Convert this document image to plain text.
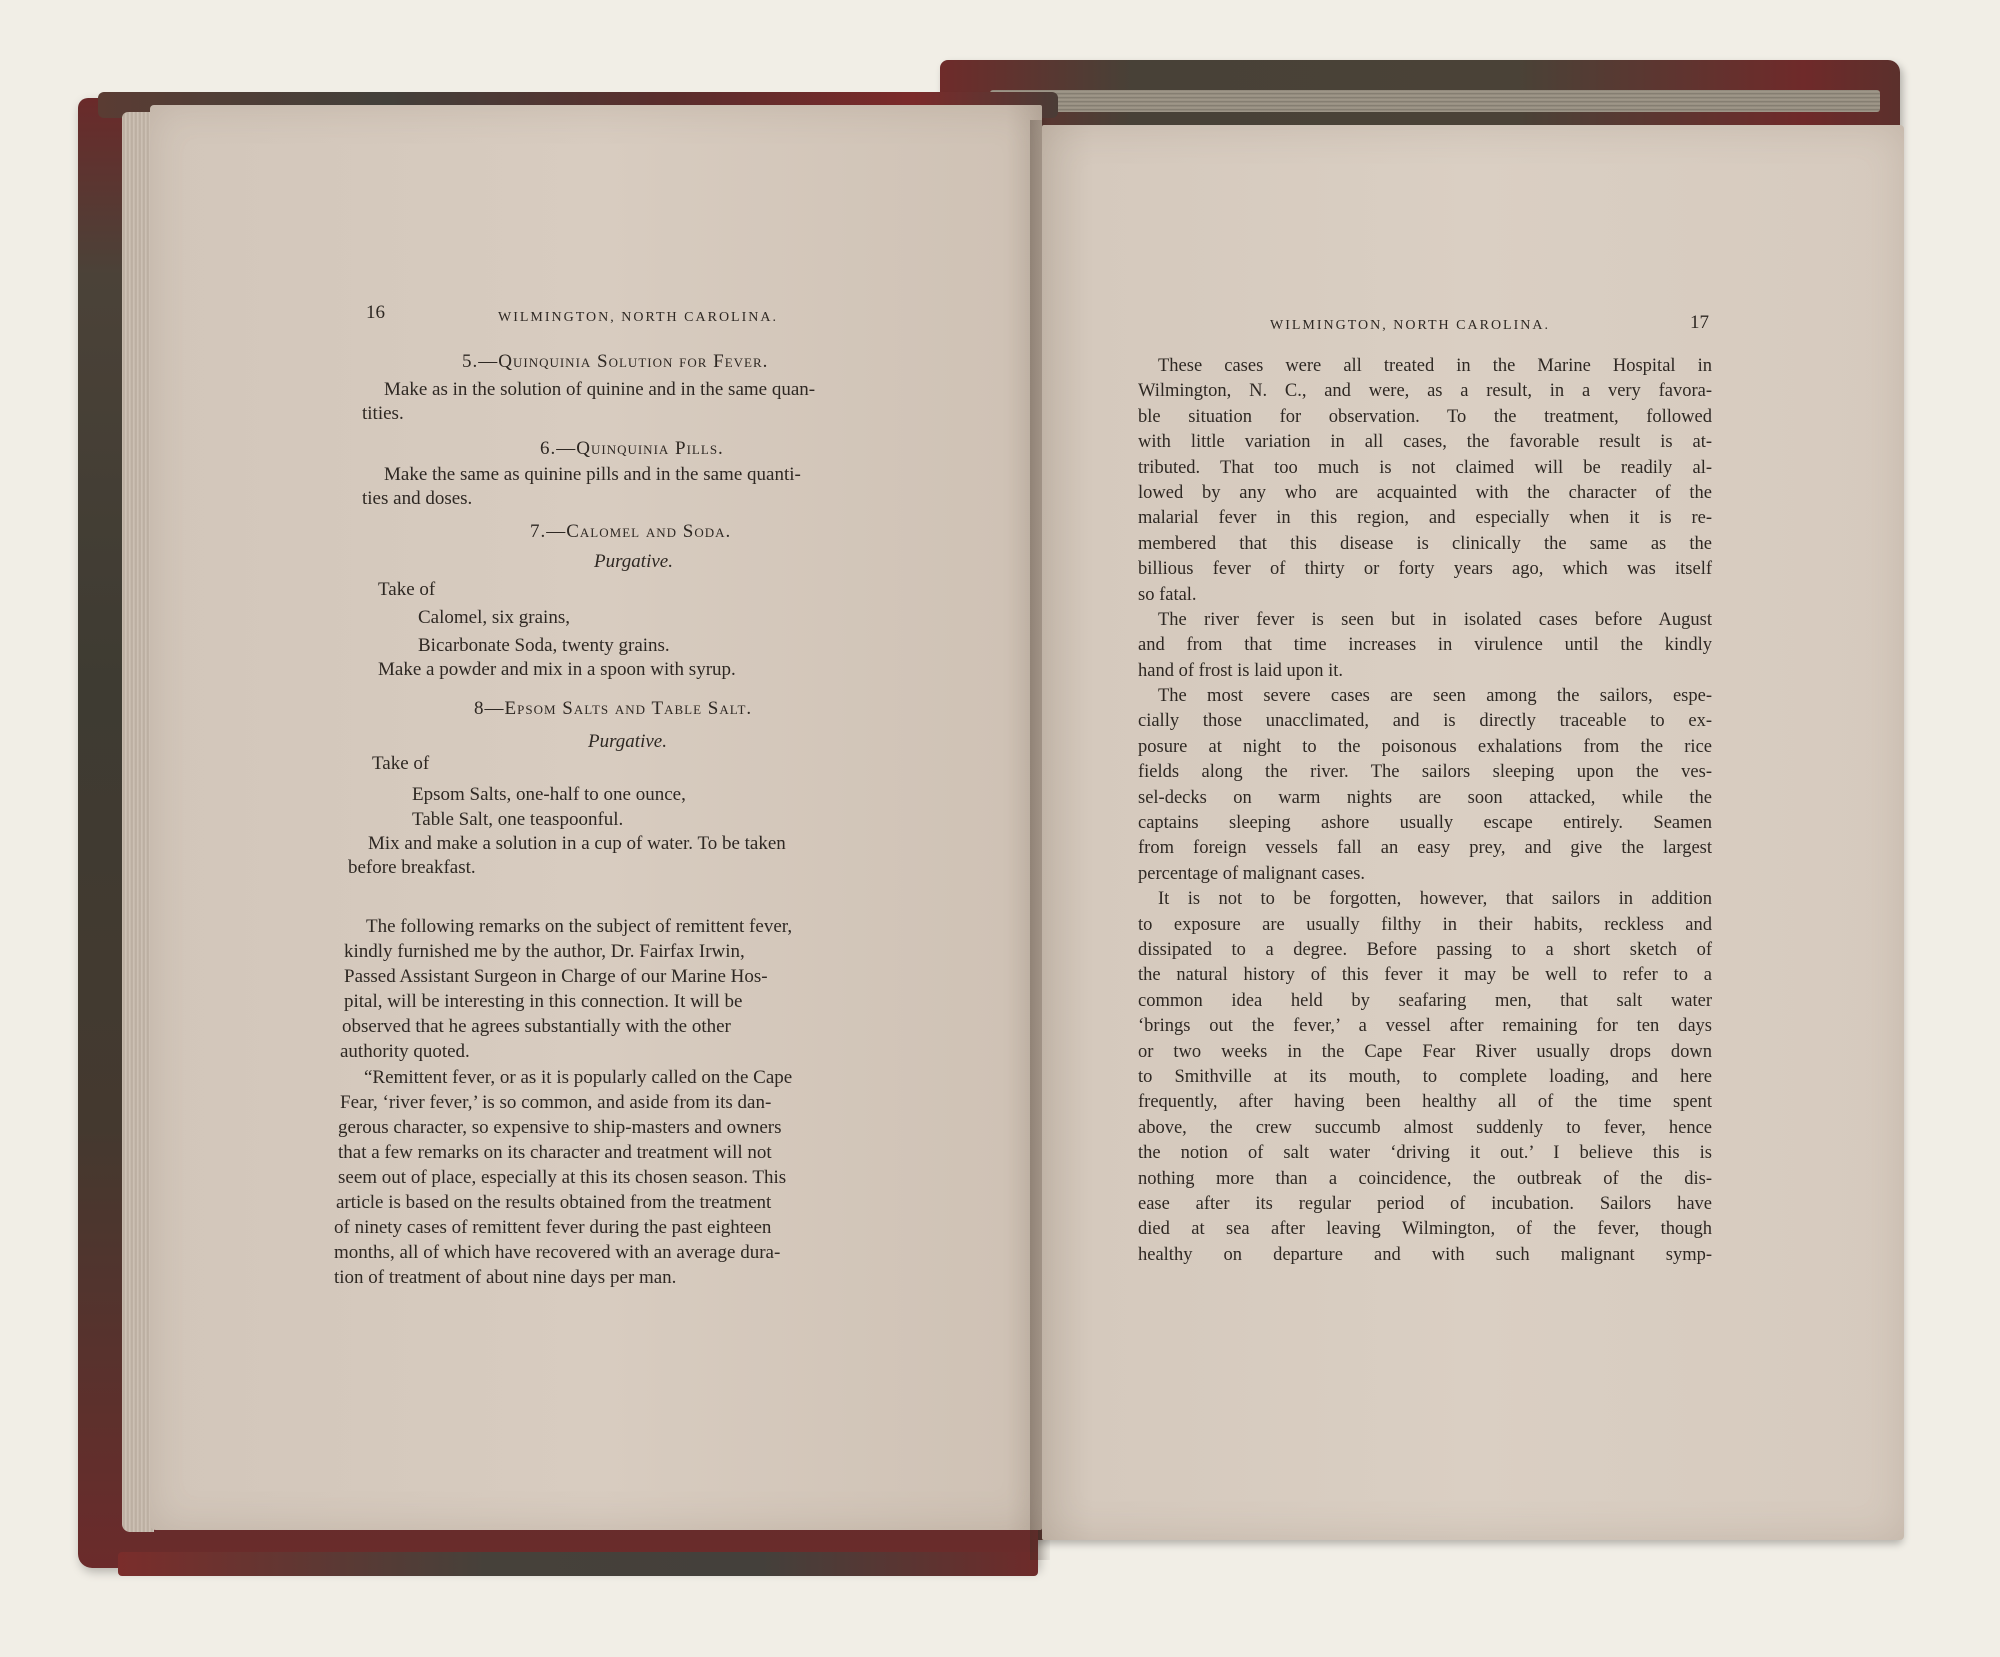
16	WILMINGTON, NORTH CAROLINA.
5.—Quinquinia Solution for Fever.
Make as in the solution of quinine and in the same quan-
tities.
6.—Quinquinia Pills.
Make the same as quinine pills and in the same quanti-
ties and doses.
7.—Calomel and Soda.
Purgative.
Take of
Calomel, six grains,
Bicarbonate Soda, twenty grains.
Make a powder and mix in a spoon with syrup.
8—Epsom Salts and Table Salt.
Purgative.
Take of
Epsom Salts, one-half to one ounce,
Table Salt, one teaspoonful.
Mix and make a solution in a cup of water. To be taken
before breakfast.
The following remarks on the subject of remittent fever,
kindly furnished me by the author, Dr. Fairfax Irwin,
Passed Assistant Surgeon in Charge of our Marine Hos-
pital, will be interesting in this connection. It will be
observed that he agrees substantially with the other
authority quoted.
“Remittent fever, or as it is popularly called on the Cape
Fear, ‘river fever,’ is so common, and aside from its dan-
gerous character, so expensive to ship-masters and owners
that a few remarks on its character and treatment will not
seem out of place, especially at this its chosen season. This
article is based on the results obtained from the treatment
of ninety cases of remittent fever during the past eighteen
months, all of which have recovered with an average dura-
tion of treatment of about nine days per man.
WILMINGTON, NORTH CAROLINA.	17
These cases were all treated in the Marine Hospital in
Wilmington, N. C., and were, as a result, in a very favora-
ble situation for observation. To the treatment, followed
with little variation in all cases, the favorable result is at-
tributed. That too much is not claimed will be readily al-
lowed by any who are acquainted with the character of the
malarial fever in this region, and especially when it is re-
membered that this disease is clinically the same as the
billious fever of thirty or forty years ago, which was itself
so fatal.
The river fever is seen but in isolated cases before August
and from that time increases in virulence until the kindly
hand of frost is laid upon it.
The most severe cases are seen among the sailors, espe-
cially those unacclimated, and is directly traceable to ex-
posure at night to the poisonous exhalations from the rice
fields along the river. The sailors sleeping upon the ves-
sel-decks on warm nights are soon attacked, while the
captains sleeping ashore usually escape entirely. Seamen
from foreign vessels fall an easy prey, and give the largest
percentage of malignant cases.
It is not to be forgotten, however, that sailors in addition
to exposure are usually filthy in their habits, reckless and
dissipated to a degree. Before passing to a short sketch of
the natural history of this fever it may be well to refer to a
common idea held by seafaring men, that salt water
‘brings out the fever,’ a vessel after remaining for ten days
or two weeks in the Cape Fear River usually drops down
to Smithville at its mouth, to complete loading, and here
frequently, after having been healthy all of the time spent
above, the crew succumb almost suddenly to fever, hence
the notion of salt water ‘driving it out.’ I believe this is
nothing more than a coincidence, the outbreak of the dis-
ease after its regular period of incubation. Sailors have
died at sea after leaving Wilmington, of the fever, though
healthy on departure and with such malignant symp-
